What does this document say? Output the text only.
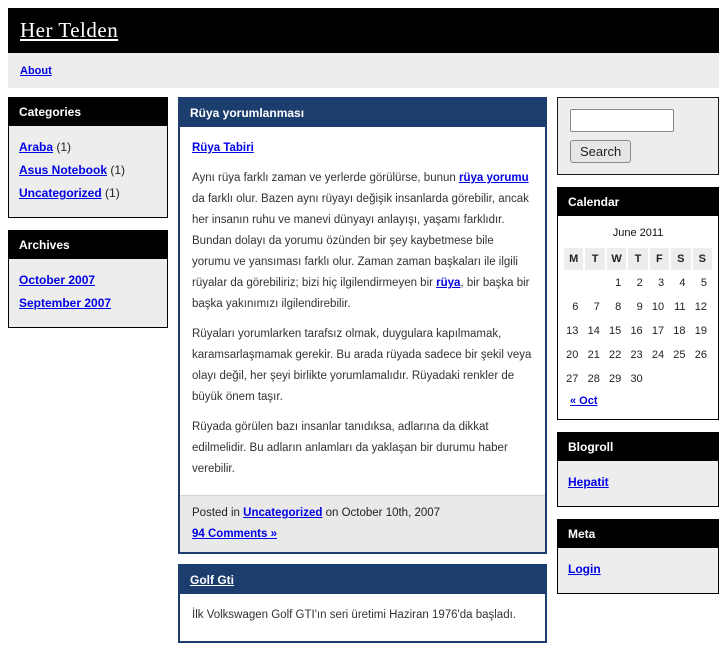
Her Telden
About
Categories
Araba (1)
Asus Notebook (1)
Uncategorized (1)
Archives
October 2007
September 2007
Rüya yorumlanması

Rüya Tabiri

Aynı rüya farklı zaman ve yerlerde görülürse, bunun rüya yorumu da farklı olur. Bazen aynı rüyayı değişik insanlarda görebilir, ancak her insanın ruhu ve manevi dünyayı anlayışı, yaşamı farklıdır. Bundan dolayı da yorumu özünden bir şey kaybetmese bile yorumu ve yansıması farklı olur. Zaman zaman başkaları ile ilgili rüyalar da görebiliriz; bizi hiç ilgilendirmeyen bir rüya, bir başka bir başka yakınımızı ilgilendirebilir.

Rüyaları yorumlarken tarafsız olmak, duygulara kapılmamak, karamsarlaşmamak gerekir. Bu arada rüyada sadece bir şekil veya olayı değil, her şeyi birlikte yorumlamalıdır. Rüyadaki renkler de büyük önem taşır.

Rüyada görülen bazı insanlar tanıdıksa, adlarına da dikkat edilmelidir. Bu adların anlamları da yaklaşan bir durumu haber verebilir.

Posted in Uncategorized on October 10th, 2007
94 Comments »
Golf Gti

İlk Volkswagen Golf GTI'ın seri üretimi Haziran 1976'da başladı.

Search
Calendar
June 2011
M	T	W	T	F	S	S
		1	2	3	4	5
6	7	8	9	10	11	12
13	14	15	16	17	18	19
20	21	22	23	24	25	26
27	28	29	30			
« Oct
Blogroll
Hepatit
Meta
Login
